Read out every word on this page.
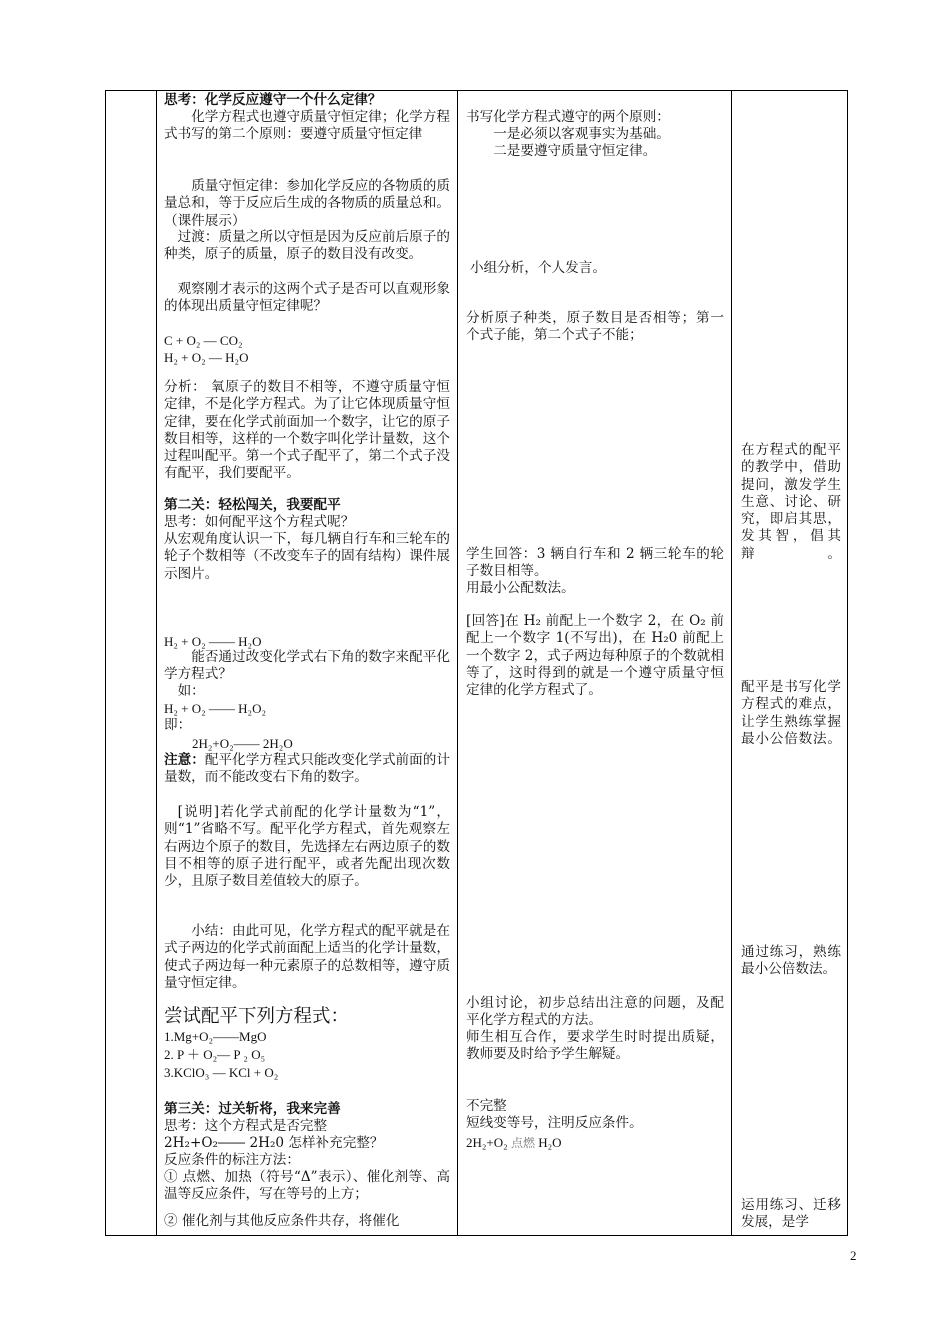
思考：化学反应遵守一个什么定律？
化学方程式也遵守质量守恒定律；化学方程式书写的第二个原则：要遵守质量守恒定律
质量守恒定律：参加化学反应的各物质的质量总和，等于反应后生成的各物质的质量总和。（课件展示）
过渡：质量之所以守恒是因为反应前后原子的种类，原子的质量，原子的数目没有改变。
观察刚才表示的这两个式子是否可以直观形象的体现出质量守恒定律呢？
C + O₂ — CO₂
H₂ + O₂ — H₂O
分析： 氧原子的数目不相等，不遵守质量守恒定律，不是化学方程式。为了让它体现质量守恒定律，要在化学式前面加一个数字，让它的原子数目相等，这样的一个数字叫化学计量数，这个过程叫配平。第一个式子配平了，第二个式子没有配平，我们要配平。
第二关：轻松闯关，我要配平
思考：如何配平这个方程式呢？
从宏观角度认识一下，每几辆自行车和三轮车的轮子个数相等（不改变车子的固有结构）课件展示图片。
H₂ + O₂ ―― H₂O
能否通过改变化学式右下角的数字来配平化学方程式？
如：
H₂ + O₂ ―― H₂O₂
即：
2H₂+O₂―― 2H₂O
注意：配平化学方程式只能改变化学式前面的计量数，而不能改变右下角的数字。
[说明]若化学式前配的化学计量数为“1”，则“1”省略不写。配平化学方程式，首先观察左右两边个原子的数目，先选择左右两边原子的数目不相等的原子进行配平，或者先配出现次数少，且原子数目差值较大的原子。
小结：由此可见，化学方程式的配平就是在式子两边的化学式前面配上适当的化学计量数，使式子两边每一种元素原子的总数相等，遵守质量守恒定律。
尝试配平下列方程式：
1.Mg+O₂――MgO
2. P ＋ O₂— P ₂ O₅
3.KClO₃ — KCl + O₂
第三关：过关斩将，我来完善
思考：这个方程式是否完整
2H₂+O₂―― 2H₂0 怎样补充完整？
反应条件的标注方法：
① 点燃、加热（符号“Δ”表示）、催化剂等、高温等反应条件，写在等号的上方；
② 催化剂与其他反应条件共存，将催化

书写化学方程式遵守的两个原则：
一是必须以客观事实为基础。
二是要遵守质量守恒定律。
小组分析，个人发言。
分析原子种类，原子数目是否相等；第一个式子能，第二个式子不能；
学生回答：3 辆自行车和 2 辆三轮车的轮子数目相等。
用最小公配数法。
[回答]在 H₂ 前配上一个数字 2，在 O₂ 前配上一个数字 1(不写出)，在 H₂0 前配上一个数字 2，式子两边每种原子的个数就相等了，这时得到的就是一个遵守质量守恒定律的化学方程式了。
小组讨论，初步总结出注意的问题，及配平化学方程式的方法。
师生相互合作，要求学生时时提出质疑，教师要及时给予学生解疑。
不完整
短线变等号，注明反应条件。
2H₂+O₂ 点燃 H₂O

在方程式的配平的教学中，借助提问，激发学生生意、讨论、研究，即启其思，发其智，倡其辩。
配平是书写化学方程式的难点，让学生熟练掌握最小公倍数法。
通过练习，熟练最小公倍数法。
运用练习、迁移发展，是学
2
